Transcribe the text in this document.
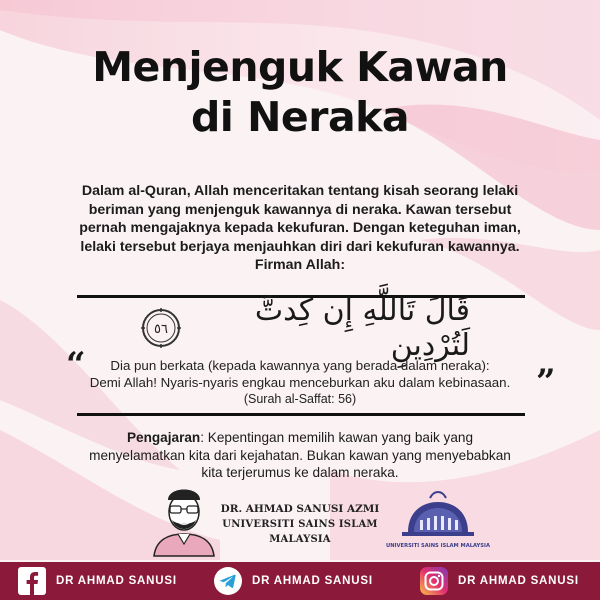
Menjenguk Kawan
di Neraka
Dalam al-Quran, Allah menceritakan tentang kisah seorang lelaki
beriman yang menjenguk kawannya di neraka. Kawan tersebut
pernah mengajaknya kepada kekufuran. Dengan keteguhan iman,
lelaki tersebut berjaya menjauhkan diri dari kekufuran kawannya.
Firman Allah:
٥٦
قَالَ تَاللَّهِ إِن كِدتَّ لَتُرْدِينِ
“	Dia pun berkata (kepada kawannya yang berada dalam neraka):
Demi Allah! Nyaris-nyaris engkau menceburkan aku dalam kebinasaan. ”
(Surah al-Saffat: 56)
Pengajaran: Kepentingan memilih kawan yang baik yang
menyelamatkan kita dari kejahatan. Bukan kawan yang menyebabkan
kita terjerumus ke dalam neraka.
DR. AHMAD SANUSI AZMI
UNIVERSITI SAINS ISLAM MALAYSIA
UNIVERSITI SAINS ISLAM MALAYSIA
DR AHMAD SANUSI	DR AHMAD SANUSI	DR AHMAD SANUSI
